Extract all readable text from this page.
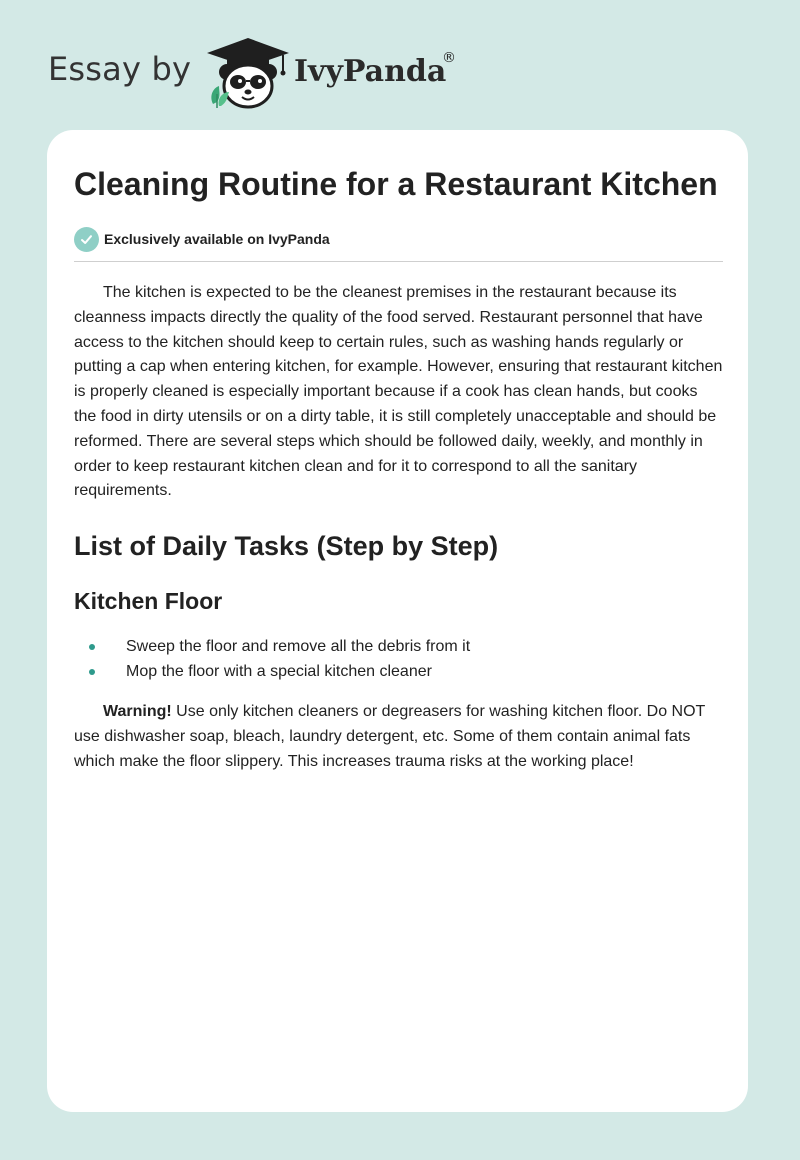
Essay by	IvyPanda
®
Cleaning Routine for a Restaurant Kitchen
Exclusively available on IvyPanda

The kitchen is expected to be the cleanest premises in the restaurant because its cleanness impacts directly the quality of the food served. Restaurant personnel that have access to the kitchen should keep to certain rules, such as washing hands regularly or putting a cap when entering kitchen, for example. However, ensuring that restaurant kitchen is properly cleaned is especially important because if a cook has clean hands, but cooks the food in dirty utensils or on a dirty table, it is still completely unacceptable and should be reformed. There are several steps which should be followed daily, weekly, and monthly in order to keep restaurant kitchen clean and for it to correspond to all the sanitary requirements.

List of Daily Tasks (Step by Step)
Kitchen Floor
Sweep the floor and remove all the debris from it
Mop the floor with a special kitchen cleaner

Warning! Use only kitchen cleaners or degreasers for washing kitchen floor. Do NOT use dishwasher soap, bleach, laundry detergent, etc. Some of them contain animal fats which make the floor slippery. This increases trauma risks at the working place!
